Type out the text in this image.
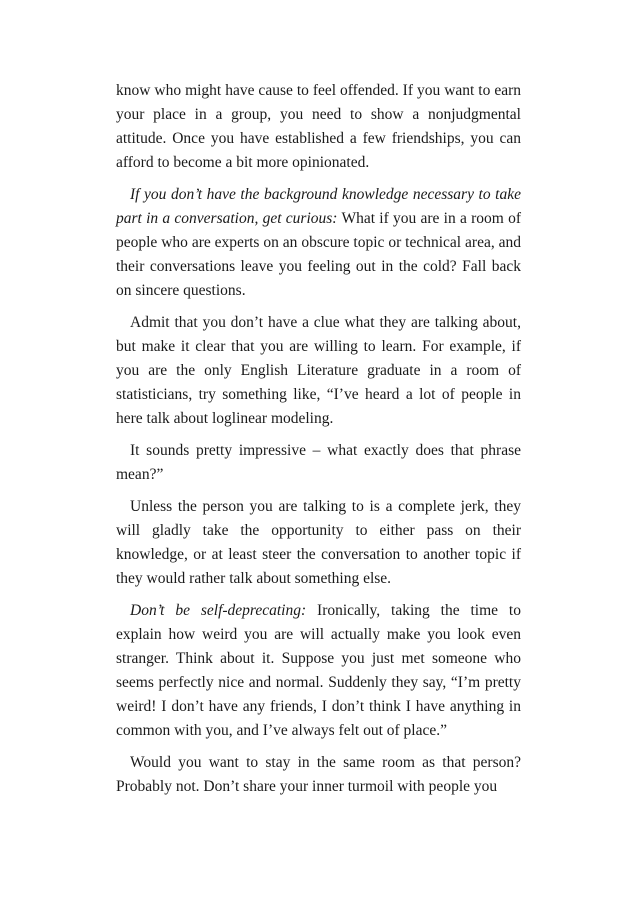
know who might have cause to feel offended. If you want to earn your place in a group, you need to show a nonjudgmental attitude. Once you have established a few friendships, you can afford to become a bit more opinionated.

If you don’t have the background knowledge necessary to take part in a conversation, get curious: What if you are in a room of people who are experts on an obscure topic or technical area, and their conversations leave you feeling out in the cold? Fall back on sincere questions.

Admit that you don’t have a clue what they are talking about, but make it clear that you are willing to learn. For example, if you are the only English Literature graduate in a room of statisticians, try something like, “I’ve heard a lot of people in here talk about loglinear modeling.

It sounds pretty impressive – what exactly does that phrase mean?”

Unless the person you are talking to is a complete jerk, they will gladly take the opportunity to either pass on their knowledge, or at least steer the conversation to another topic if they would rather talk about something else.

Don’t be self-deprecating: Ironically, taking the time to explain how weird you are will actually make you look even stranger. Think about it. Suppose you just met someone who seems perfectly nice and normal. Suddenly they say, “I’m pretty weird! I don’t have any friends, I don’t think I have anything in common with you, and I’ve always felt out of place.”

Would you want to stay in the same room as that person? Probably not. Don’t share your inner turmoil with people you
